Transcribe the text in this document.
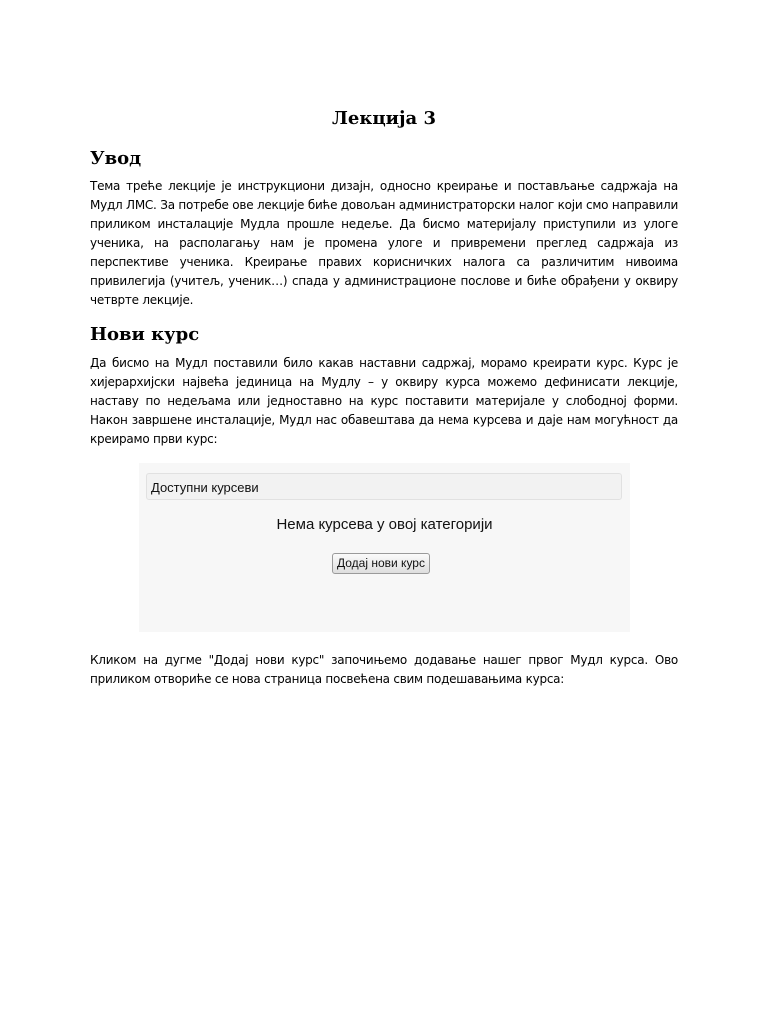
Лекција 3
Увод

Тема треће лекције је инструкциони дизајн, односно креирање и постављање садржаја на Мудл ЛМС. За потребе ове лекције биће довољан администраторски налог који смо направили приликом инсталације Мудла прошле недеље. Да бисмо материјалу приступили из улоге ученика, на располагању нам је промена улоге и привремени преглед садржаја из перспективе ученика. Креирање правих корисничких налога са различитим нивоима привилегија (учитељ, ученик…) спада у администрационе послове и биће обрађени у оквиру четврте лекције.

Нови курс

Да бисмо на Мудл поставили било какав наставни садржај, морамо креирати курс. Курс је хијерархијски највећа јединица на Мудлу – у оквиру курса можемо дефинисати лекције, наставу по недељама или једноставно на курс поставити материјале у слободној форми. Након завршене инсталације, Мудл нас обавештава да нема курсева и даје нам могућност да креирамо први курс:

Доступни курсеви
Нема курсева у овој категорији
Додај нови курс

Кликом на дугме "Додај нови курс" започињемо додавање нашег првог Мудл курса. Ово приликом отвориће се нова страница посвећена свим подешавањима курса:
